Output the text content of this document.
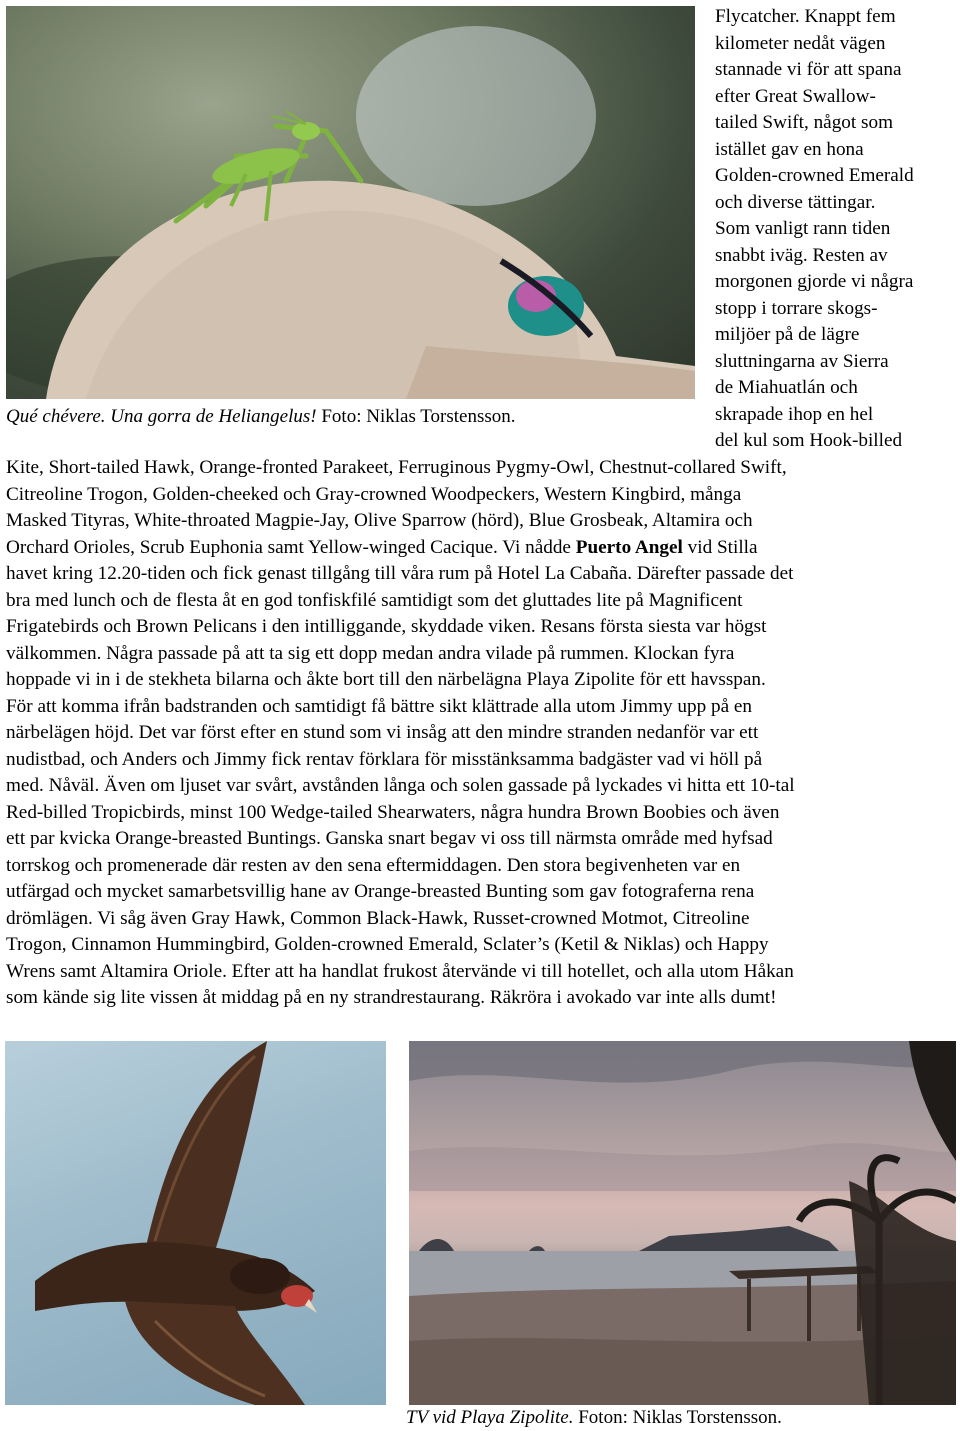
Qué chévere. Una gorra de Heliangelus! Foto: Niklas Torstensson.
Flycatcher. Knappt fem
kilometer nedåt vägen
stannade vi för att spana
efter Great Swallow-
tailed Swift, något som
istället gav en hona
Golden-crowned Emerald
och diverse tättingar.
Som vanligt rann tiden
snabbt iväg. Resten av
morgonen gjorde vi några
stopp i torrare skogs-
miljöer på de lägre
sluttningarna av Sierra
de Miahuatlán och
skrapade ihop en hel
del kul som Hook-billed
Kite, Short-tailed Hawk, Orange-fronted Parakeet, Ferruginous Pygmy-Owl, Chestnut-collared Swift,
Citreoline Trogon, Golden-cheeked och Gray-crowned Woodpeckers, Western Kingbird, många
Masked Tityras, White-throated Magpie-Jay, Olive Sparrow (hörd), Blue Grosbeak, Altamira och
Orchard Orioles, Scrub Euphonia samt Yellow-winged Cacique. Vi nådde Puerto Angel vid Stilla
havet kring 12.20-tiden och fick genast tillgång till våra rum på Hotel La Cabaña. Därefter passade det
bra med lunch och de flesta åt en god tonfiskfilé samtidigt som det gluttades lite på Magnificent
Frigatebirds och Brown Pelicans i den intilliggande, skyddade viken. Resans första siesta var högst
välkommen. Några passade på att ta sig ett dopp medan andra vilade på rummen. Klockan fyra
hoppade vi in i de stekheta bilarna och åkte bort till den närbelägna Playa Zipolite för ett havsspan.
För att komma ifrån badstranden och samtidigt få bättre sikt klättrade alla utom Jimmy upp på en
närbelägen höjd. Det var först efter en stund som vi insåg att den mindre stranden nedanför var ett
nudistbad, och Anders och Jimmy fick rentav förklara för misstänksamma badgäster vad vi höll på
med. Nåväl. Även om ljuset var svårt, avstånden långa och solen gassade på lyckades vi hitta ett 10-tal
Red-billed Tropicbirds, minst 100 Wedge-tailed Shearwaters, några hundra Brown Boobies och även
ett par kvicka Orange-breasted Buntings. Ganska snart begav vi oss till närmsta område med hyfsad
torrskog och promenerade där resten av den sena eftermiddagen. Den stora begivenheten var en
utfärgad och mycket samarbetsvillig hane av Orange-breasted Bunting som gav fotograferna rena
drömlägen. Vi såg även Gray Hawk, Common Black-Hawk, Russet-crowned Motmot, Citreoline
Trogon, Cinnamon Hummingbird, Golden-crowned Emerald, Sclater’s (Ketil & Niklas) och Happy
Wrens samt Altamira Oriole. Efter att ha handlat frukost återvände vi till hotellet, och alla utom Håkan
som kände sig lite vissen åt middag på en ny strandrestaurang. Räkröra i avokado var inte alls dumt!
TV vid Playa Zipolite. Foton: Niklas Torstensson.
